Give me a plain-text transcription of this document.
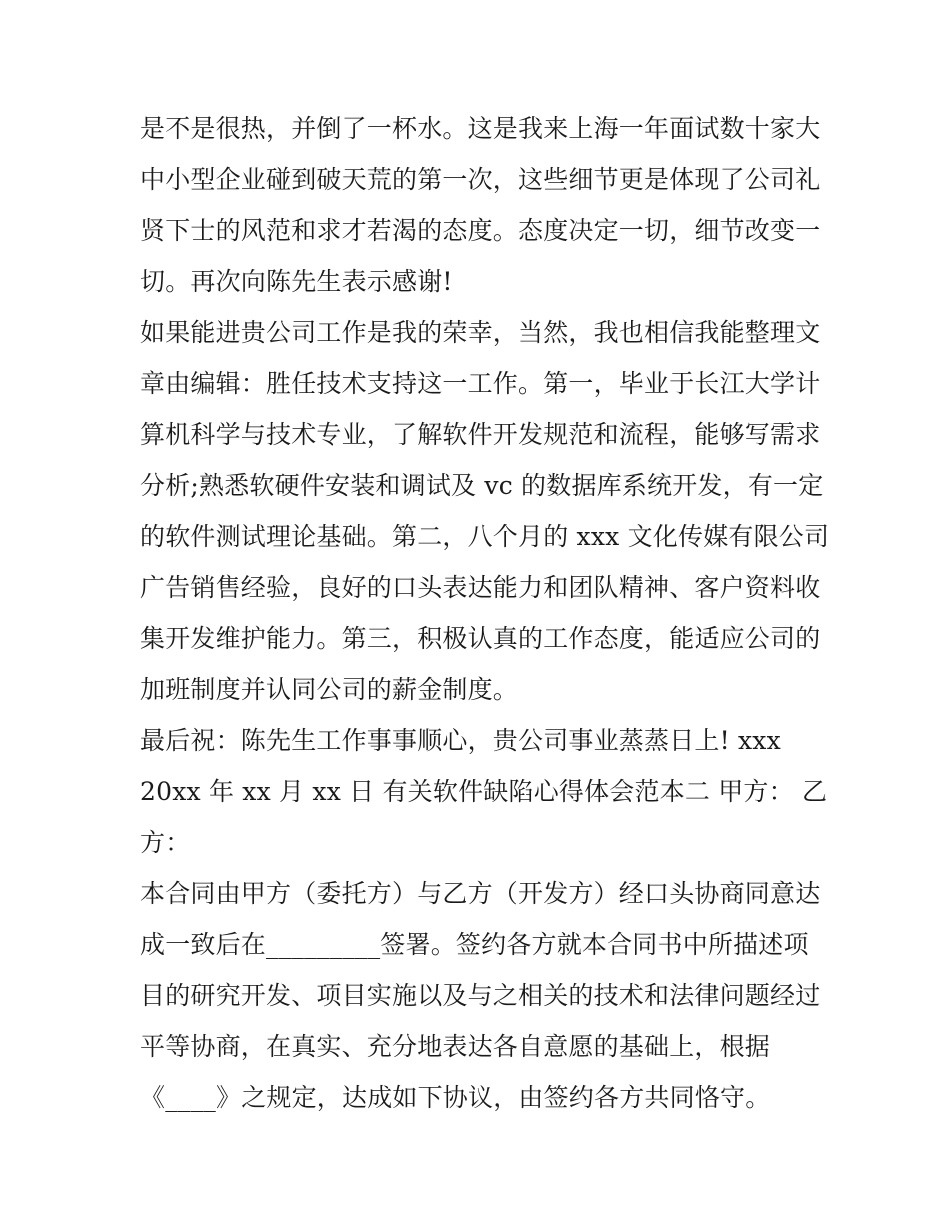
是不是很热，并倒了一杯水。这是我来上海一年面试数十家大
中小型企业碰到破天荒的第一次，这些细节更是体现了公司礼
贤下士的风范和求才若渴的态度。态度决定一切，细节改变一
切。再次向陈先生表示感谢!
如果能进贵公司工作是我的荣幸，当然，我也相信我能整理文
章由编辑：胜任技术支持这一工作。第一，毕业于长江大学计
算机科学与技术专业，了解软件开发规范和流程，能够写需求
分析;熟悉软硬件安装和调试及 vc 的数据库系统开发，有一定
的软件测试理论基础。第二，八个月的 xxx 文化传媒有限公司
广告销售经验，良好的口头表达能力和团队精神、客户资料收
集开发维护能力。第三，积极认真的工作态度，能适应公司的
加班制度并认同公司的薪金制度。
最后祝：陈先生工作事事顺心，贵公司事业蒸蒸日上! xxx
20xx 年 xx 月 xx 日 有关软件缺陷心得体会范本二 甲方： 乙
方：
本合同由甲方（委托方）与乙方（开发方）经口头协商同意达
成一致后在_________签署。签约各方就本合同书中所描述项
目的研究开发、项目实施以及与之相关的技术和法律问题经过
平等协商，在真实、充分地表达各自意愿的基础上，根据
《____》之规定，达成如下协议，由签约各方共同恪守。
